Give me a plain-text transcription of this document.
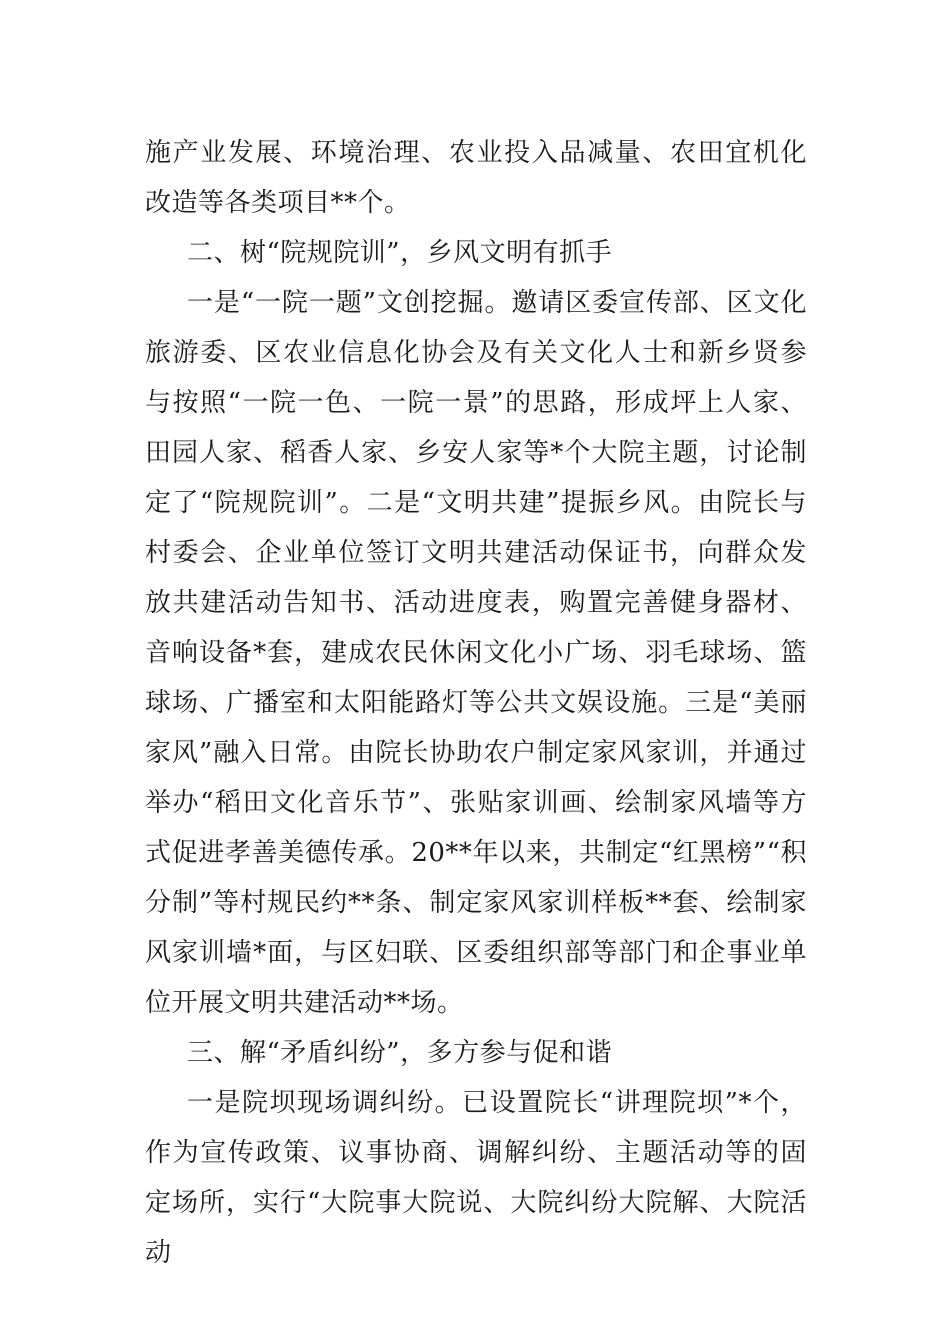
施产业发展、环境治理、农业投入品减量、农田宜机化改造等各类项目**个。

二、树“院规院训”，乡风文明有抓手

一是“一院一题”文创挖掘。邀请区委宣传部、区文化旅游委、区农业信息化协会及有关文化人士和新乡贤参与按照“一院一色、一院一景”的思路，形成坪上人家、田园人家、稻香人家、乡安人家等*个大院主题，讨论制定了“院规院训”。二是“文明共建”提振乡风。由院长与村委会、企业单位签订文明共建活动保证书，向群众发放共建活动告知书、活动进度表，购置完善健身器材、音响设备*套，建成农民休闲文化小广场、羽毛球场、篮球场、广播室和太阳能路灯等公共文娱设施。三是“美丽家风”融入日常。由院长协助农户制定家风家训，并通过举办“稻田文化音乐节”、张贴家训画、绘制家风墙等方式促进孝善美德传承。20**年以来，共制定“红黑榜”“积分制”等村规民约**条、制定家风家训样板**套、绘制家风家训墙*面，与区妇联、区委组织部等部门和企事业单位开展文明共建活动**场。

三、解“矛盾纠纷”，多方参与促和谐

一是院坝现场调纠纷。已设置院长“讲理院坝”*个，作为宣传政策、议事协商、调解纠纷、主题活动等的固定场所，实行“大院事大院说、大院纠纷大院解、大院活动
